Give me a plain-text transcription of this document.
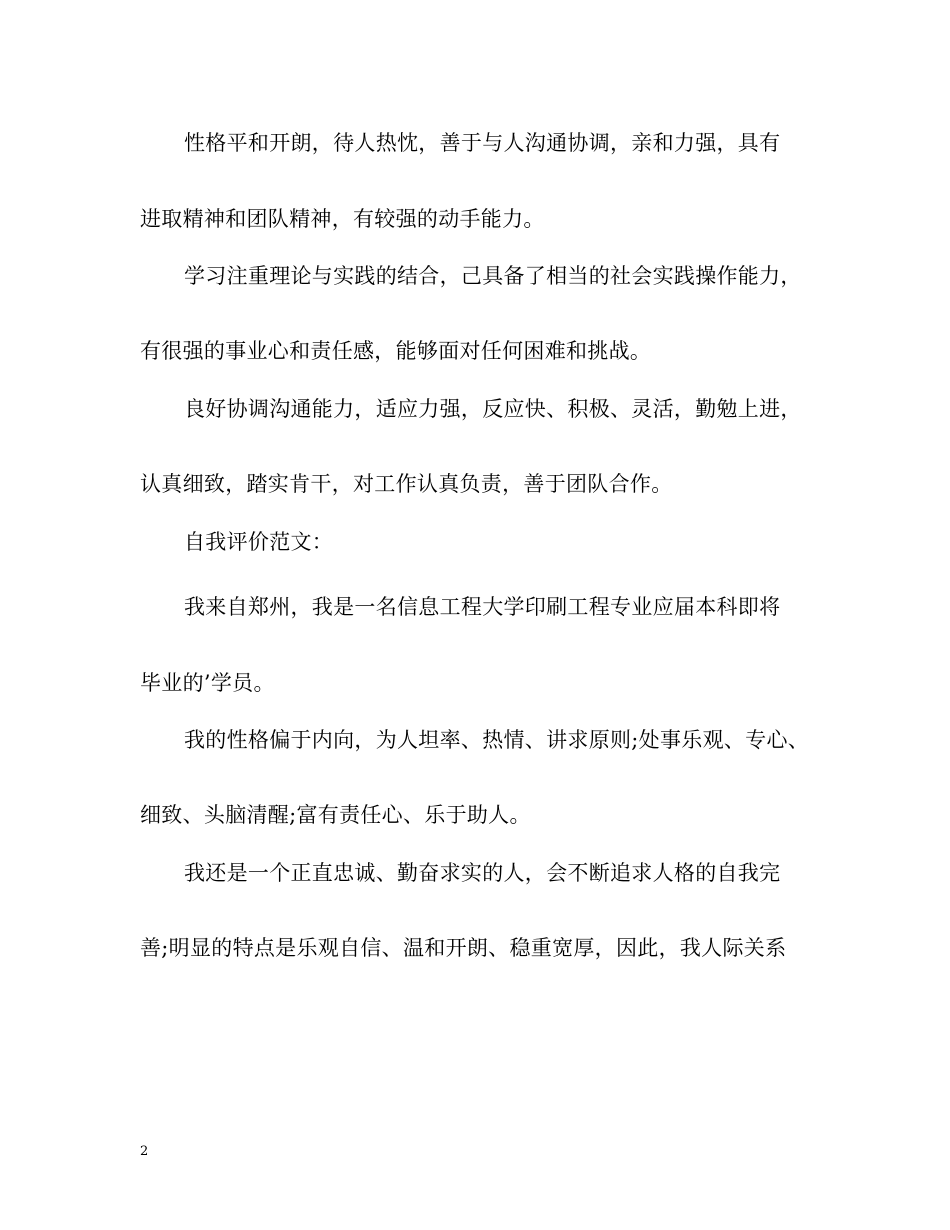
性格平和开朗，待人热忱，善于与人沟通协调，亲和力强，具有
进取精神和团队精神，有较强的动手能力。
学习注重理论与实践的结合，己具备了相当的社会实践操作能力，
有很强的事业心和责任感，能够面对任何困难和挑战。
良好协调沟通能力，适应力强，反应快、积极、灵活，勤勉上进，
认真细致，踏实肯干，对工作认真负责，善于团队合作。
自我评价范文：
我来自郑州，我是一名信息工程大学印刷工程专业应届本科即将
毕业的’学员。
我的性格偏于内向，为人坦率、热情、讲求原则;处事乐观、专心、
细致、头脑清醒;富有责任心、乐于助人。
我还是一个正直忠诚、勤奋求实的人，会不断追求人格的自我完
善;明显的特点是乐观自信、温和开朗、稳重宽厚，因此，我人际关系
2
